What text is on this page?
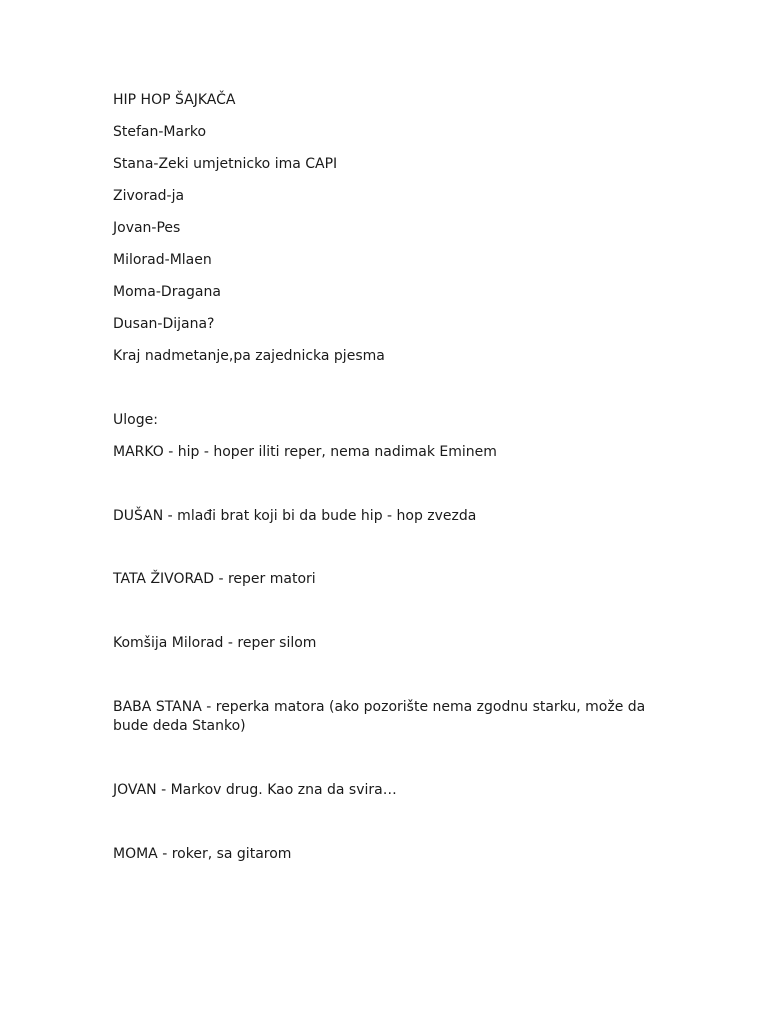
HIP HOP ŠAJKAČA
Stefan-Marko
Stana-Zeki umjetnicko ima CAPI
Zivorad-ja
Jovan-Pes
Milorad-Mlaen
Moma-Dragana
Dusan-Dijana?
Kraj nadmetanje,pa zajednicka pjesma
Uloge:
MARKO - hip - hoper iliti reper, nema nadimak Eminem
DUŠAN - mlađi brat koji bi da bude hip - hop zvezda
TATA ŽIVORAD - reper matori
Komšija Milorad - reper silom
BABA STANA - reperka matora (ako pozorište nema zgodnu starku, može da bude deda Stanko)
JOVAN - Markov drug. Kao zna da svira…
MOMA - roker, sa gitarom
